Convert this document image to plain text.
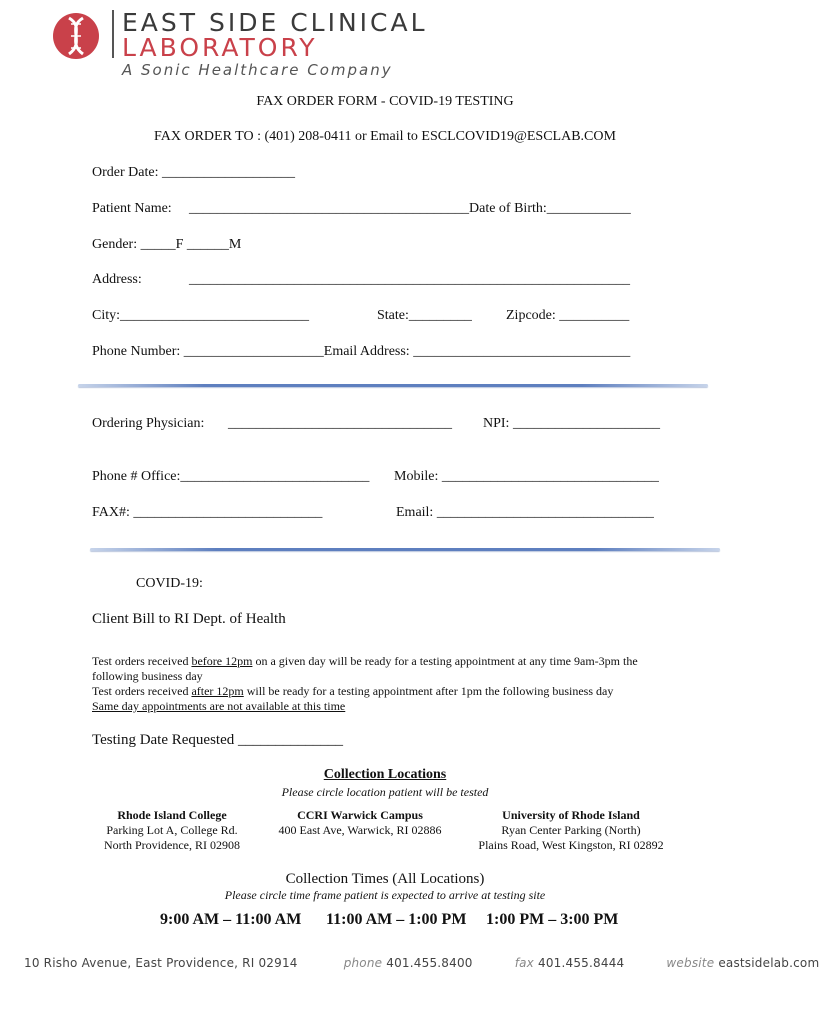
EAST SIDE CLINICAL
LABORATORY
A Sonic Healthcare Company
FAX ORDER FORM - COVID-19 TESTING
FAX ORDER TO : (401) 208-0411 or Email to ESCLCOVID19@ESCLAB.COM
Order Date: ___________________
Patient Name: ________________________________________Date of Birth:____________
Gender: _____F ______M
Address:	_______________________________________________________________
City:___________________________	State:_________ Zipcode: __________
Phone Number: ____________________Email Address: _______________________________
Ordering Physician: ________________________________ NPI: _____________________
Phone # Office:___________________________ Mobile: _______________________________
FAX#: ___________________________	Email: _______________________________
COVID-19:
Client Bill to RI Dept. of Health
Test orders received before 12pm on a given day will be ready for a testing appointment at any time 9am-3pm the
following business day
Test orders received after 12pm will be ready for a testing appointment after 1pm the following business day
Same day appointments are not available at this time
Testing Date Requested ______________
Collection Locations
Please circle location patient will be tested
Rhode Island College
Parking Lot A, College Rd.
North Providence, RI 02908
CCRI Warwick Campus
400 East Ave, Warwick, RI 02886
University of Rhode Island
Ryan Center Parking (North)
Plains Road, West Kingston, RI 02892
Collection Times (All Locations)
Please circle time frame patient is expected to arrive at testing site
9:00 AM – 11:00 AM 11:00 AM – 1:00 PM 1:00 PM – 3:00 PM
10 Risho Avenue, East Providence, RI 02914	phone 401.455.8400	fax 401.455.8444	website eastsidelab.com
